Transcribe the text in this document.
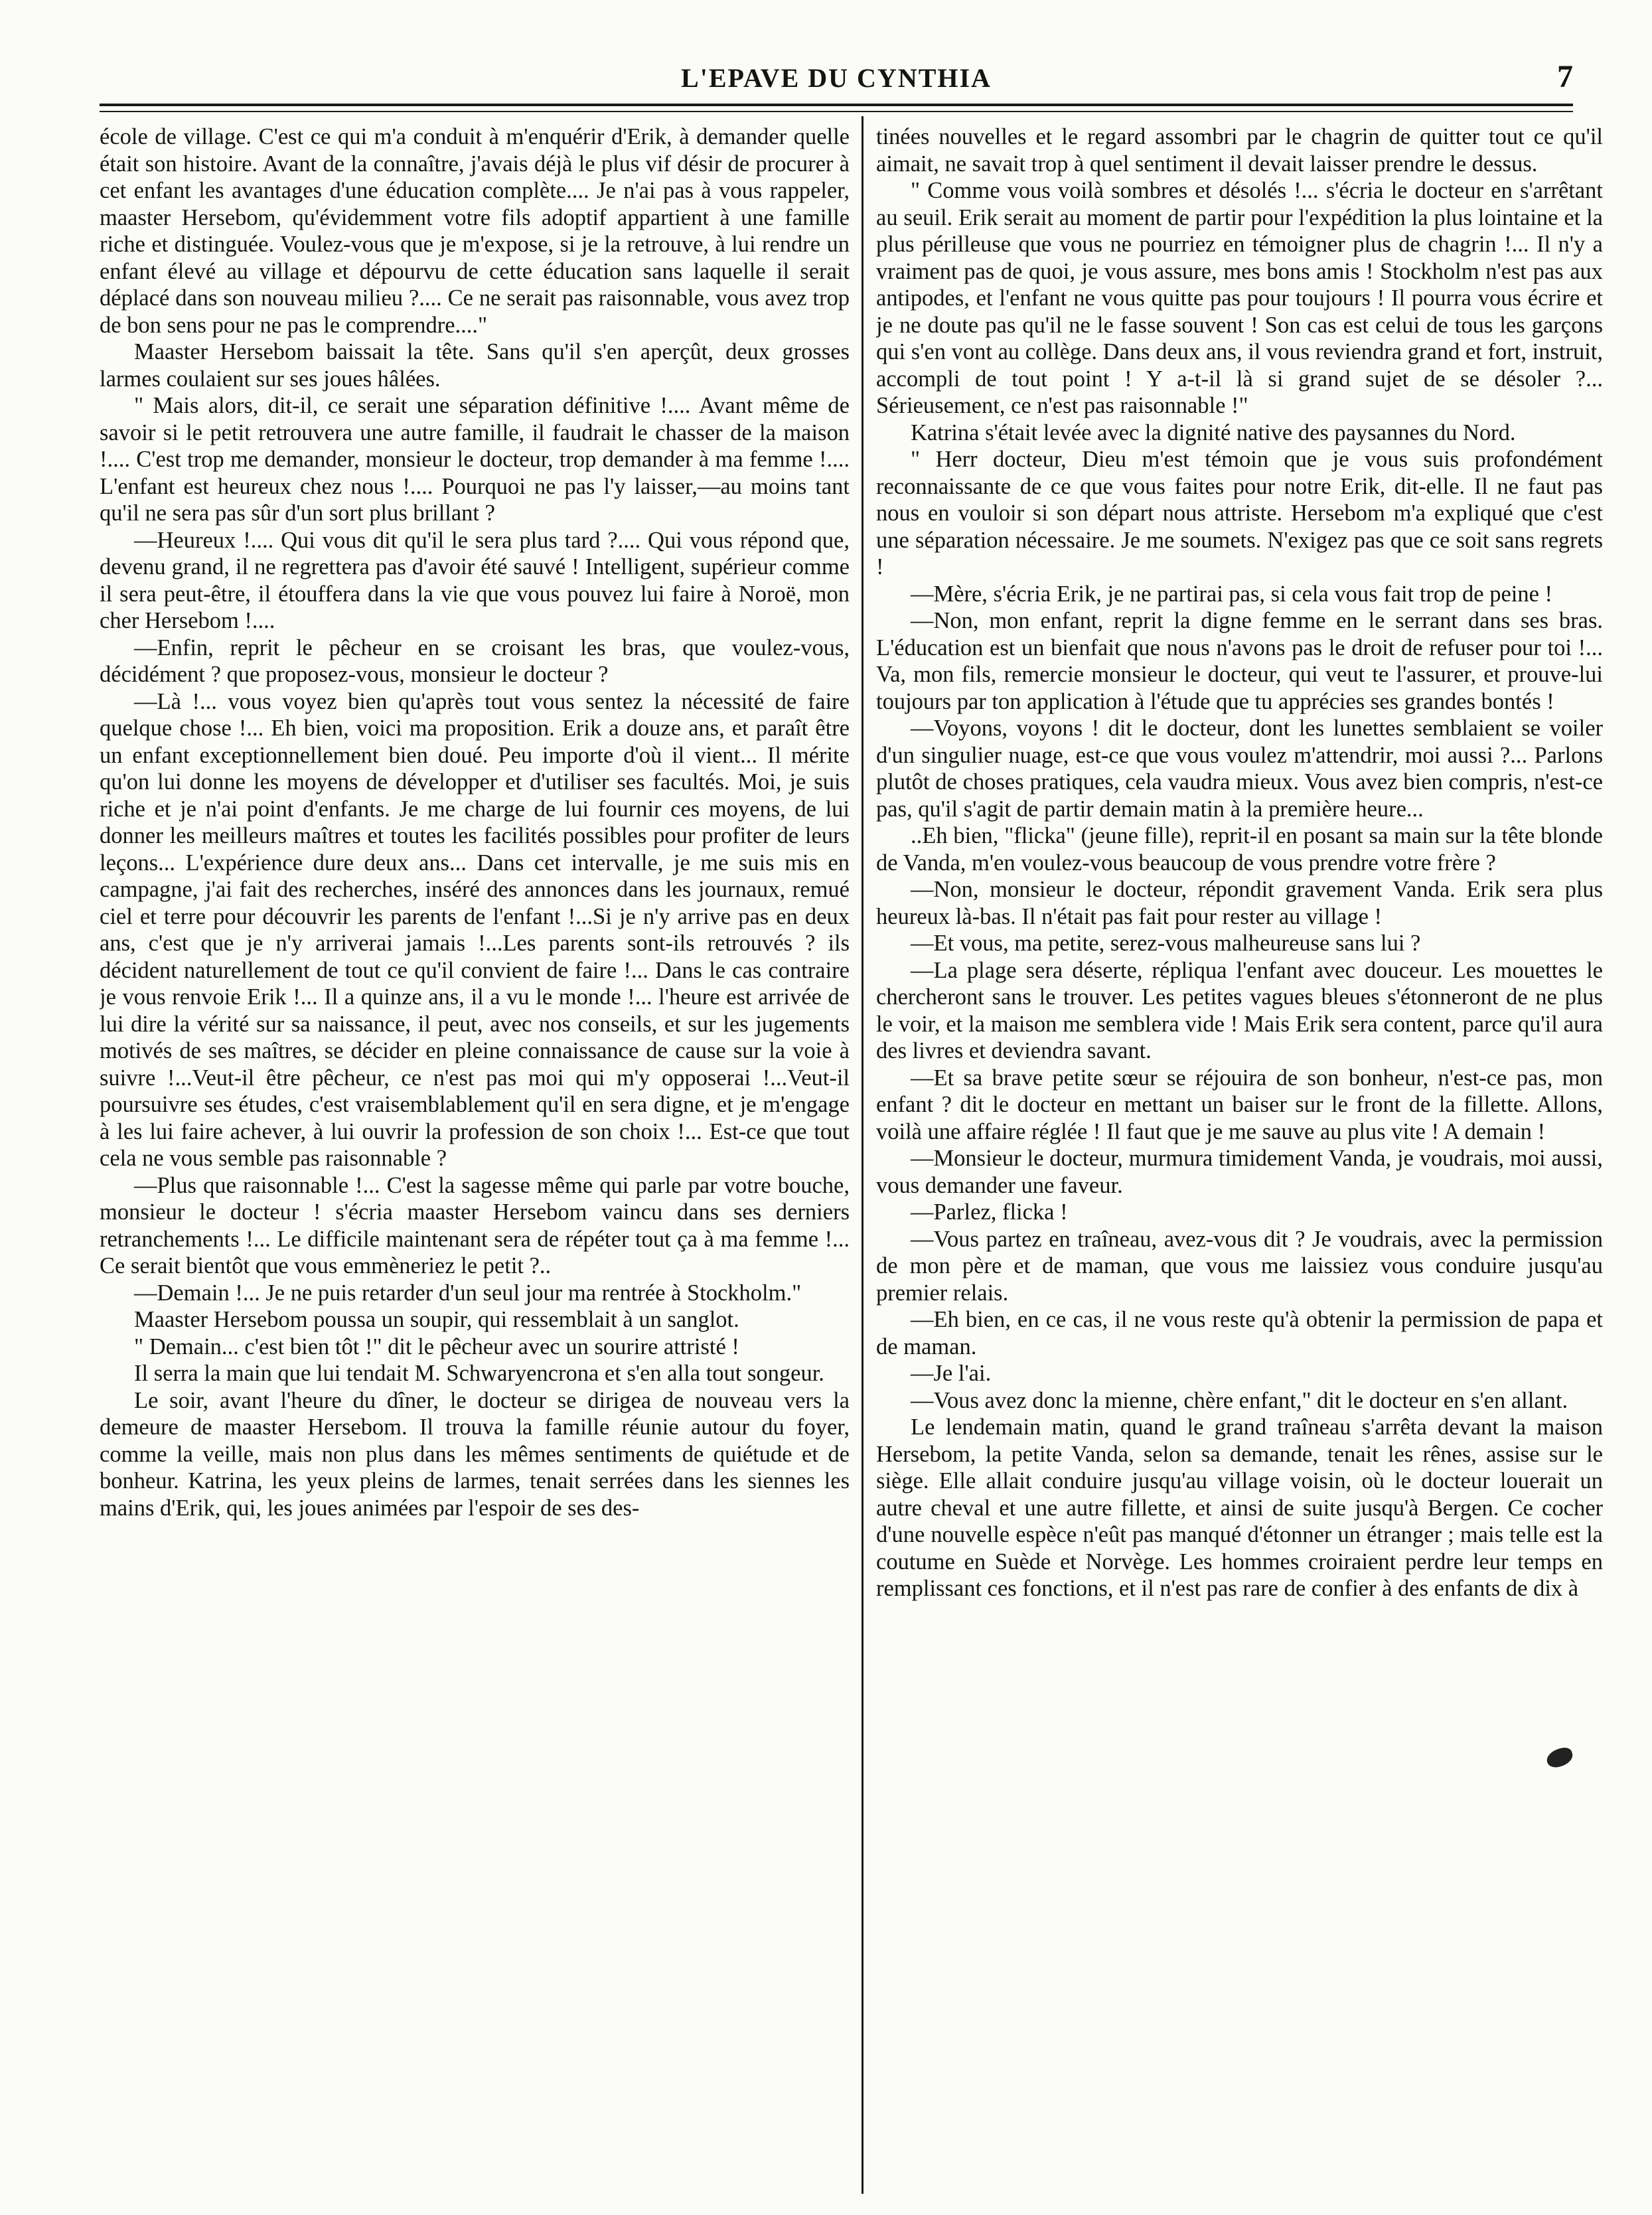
L'EPAVE DU CYNTHIA	7

école de village. C'est ce qui m'a conduit à m'enquérir d'Erik, à demander quelle était son histoire. Avant de la connaître, j'avais déjà le plus vif désir de procurer à cet enfant les avantages d'une éducation complète.... Je n'ai pas à vous rappeler, maaster Hersebom, qu'évidemment votre fils adoptif appartient à une famille riche et distinguée. Voulez-vous que je m'expose, si je la retrouve, à lui rendre un enfant élevé au village et dépourvu de cette éducation sans laquelle il serait déplacé dans son nouveau milieu ?.... Ce ne serait pas raisonnable, vous avez trop de bon sens pour ne pas le comprendre...."

Maaster Hersebom baissait la tête. Sans qu'il s'en aperçût, deux grosses larmes coulaient sur ses joues hâlées.

" Mais alors, dit-il, ce serait une séparation définitive !.... Avant même de savoir si le petit retrouvera une autre famille, il faudrait le chasser de la maison !.... C'est trop me demander, monsieur le docteur, trop demander à ma femme !.... L'enfant est heureux chez nous !.... Pourquoi ne pas l'y laisser,—au moins tant qu'il ne sera pas sûr d'un sort plus brillant ?

—Heureux !.... Qui vous dit qu'il le sera plus tard ?.... Qui vous répond que, devenu grand, il ne regrettera pas d'avoir été sauvé ! Intelligent, supérieur comme il sera peut-être, il étouffera dans la vie que vous pouvez lui faire à Noroë, mon cher Hersebom !....

—Enfin, reprit le pêcheur en se croisant les bras, que voulez-vous, décidément ? que proposez-vous, monsieur le docteur ?

—Là !... vous voyez bien qu'après tout vous sentez la nécessité de faire quelque chose !... Eh bien, voici ma proposition. Erik a douze ans, et paraît être un enfant exceptionnellement bien doué. Peu importe d'où il vient... Il mérite qu'on lui donne les moyens de développer et d'utiliser ses facultés. Moi, je suis riche et je n'ai point d'enfants. Je me charge de lui fournir ces moyens, de lui donner les meilleurs maîtres et toutes les facilités possibles pour profiter de leurs leçons... L'expérience dure deux ans... Dans cet intervalle, je me suis mis en campagne, j'ai fait des recherches, inséré des annonces dans les journaux, remué ciel et terre pour découvrir les parents de l'enfant !...Si je n'y arrive pas en deux ans, c'est que je n'y arriverai jamais !...Les parents sont-ils retrouvés ? ils décident naturellement de tout ce qu'il convient de faire !... Dans le cas contraire je vous renvoie Erik !... Il a quinze ans, il a vu le monde !... l'heure est arrivée de lui dire la vérité sur sa naissance, il peut, avec nos conseils, et sur les jugements motivés de ses maîtres, se décider en pleine connaissance de cause sur la voie à suivre !...Veut-il être pêcheur, ce n'est pas moi qui m'y opposerai !...Veut-il poursuivre ses études, c'est vraisemblablement qu'il en sera digne, et je m'engage à les lui faire achever, à lui ouvrir la profession de son choix !... Est-ce que tout cela ne vous semble pas raisonnable ?

—Plus que raisonnable !... C'est la sagesse même qui parle par votre bouche, monsieur le docteur ! s'écria maaster Hersebom vaincu dans ses derniers retranchements !... Le difficile maintenant sera de répéter tout ça à ma femme !... Ce serait bientôt que vous emmèneriez le petit ?..

—Demain !... Je ne puis retarder d'un seul jour ma rentrée à Stockholm."

Maaster Hersebom poussa un soupir, qui ressemblait à un sanglot.

" Demain... c'est bien tôt !" dit le pêcheur avec un sourire attristé !

Il serra la main que lui tendait M. Schwaryencrona et s'en alla tout songeur.

Le soir, avant l'heure du dîner, le docteur se dirigea de nouveau vers la demeure de maaster Hersebom. Il trouva la famille réunie autour du foyer, comme la veille, mais non plus dans les mêmes sentiments de quiétude et de bonheur. Katrina, les yeux pleins de larmes, tenait serrées dans les siennes les mains d'Erik, qui, les joues animées par l'espoir de ses des-

tinées nouvelles et le regard assombri par le chagrin de quitter tout ce qu'il aimait, ne savait trop à quel sentiment il devait laisser prendre le dessus.

" Comme vous voilà sombres et désolés !... s'écria le docteur en s'arrêtant au seuil. Erik serait au moment de partir pour l'expédition la plus lointaine et la plus périlleuse que vous ne pourriez en témoigner plus de chagrin !... Il n'y a vraiment pas de quoi, je vous assure, mes bons amis ! Stockholm n'est pas aux antipodes, et l'enfant ne vous quitte pas pour toujours ! Il pourra vous écrire et je ne doute pas qu'il ne le fasse souvent ! Son cas est celui de tous les garçons qui s'en vont au collège. Dans deux ans, il vous reviendra grand et fort, instruit, accompli de tout point ! Y a-t-il là si grand sujet de se désoler ?... Sérieusement, ce n'est pas raisonnable !"

Katrina s'était levée avec la dignité native des paysannes du Nord.

" Herr docteur, Dieu m'est témoin que je vous suis profondément reconnaissante de ce que vous faites pour notre Erik, dit-elle. Il ne faut pas nous en vouloir si son départ nous attriste. Hersebom m'a expliqué que c'est une séparation nécessaire. Je me soumets. N'exigez pas que ce soit sans regrets !

—Mère, s'écria Erik, je ne partirai pas, si cela vous fait trop de peine !

—Non, mon enfant, reprit la digne femme en le serrant dans ses bras. L'éducation est un bienfait que nous n'avons pas le droit de refuser pour toi !... Va, mon fils, remercie monsieur le docteur, qui veut te l'assurer, et prouve-lui toujours par ton application à l'étude que tu apprécies ses grandes bontés !

—Voyons, voyons ! dit le docteur, dont les lunettes semblaient se voiler d'un singulier nuage, est-ce que vous voulez m'attendrir, moi aussi ?... Parlons plutôt de choses pratiques, cela vaudra mieux. Vous avez bien compris, n'est-ce pas, qu'il s'agit de partir demain matin à la première heure...

..Eh bien, "flicka" (jeune fille), reprit-il en posant sa main sur la tête blonde de Vanda, m'en voulez-vous beaucoup de vous prendre votre frère ?

—Non, monsieur le docteur, répondit gravement Vanda. Erik sera plus heureux là-bas. Il n'était pas fait pour rester au village !

—Et vous, ma petite, serez-vous malheureuse sans lui ?

—La plage sera déserte, répliqua l'enfant avec douceur. Les mouettes le chercheront sans le trouver. Les petites vagues bleues s'étonneront de ne plus le voir, et la maison me semblera vide ! Mais Erik sera content, parce qu'il aura des livres et deviendra savant.

—Et sa brave petite sœur se réjouira de son bonheur, n'est-ce pas, mon enfant ? dit le docteur en mettant un baiser sur le front de la fillette. Allons, voilà une affaire réglée ! Il faut que je me sauve au plus vite ! A demain !

—Monsieur le docteur, murmura timidement Vanda, je voudrais, moi aussi, vous demander une faveur.

—Parlez, flicka !

—Vous partez en traîneau, avez-vous dit ? Je voudrais, avec la permission de mon père et de maman, que vous me laissiez vous conduire jusqu'au premier relais.

—Eh bien, en ce cas, il ne vous reste qu'à obtenir la permission de papa et de maman.

—Je l'ai.

—Vous avez donc la mienne, chère enfant," dit le docteur en s'en allant.

Le lendemain matin, quand le grand traîneau s'arrêta devant la maison Hersebom, la petite Vanda, selon sa demande, tenait les rênes, assise sur le siège. Elle allait conduire jusqu'au village voisin, où le docteur louerait un autre cheval et une autre fillette, et ainsi de suite jusqu'à Bergen. Ce cocher d'une nouvelle espèce n'eût pas manqué d'étonner un étranger ; mais telle est la coutume en Suède et Norvège. Les hommes croiraient perdre leur temps en remplissant ces fonctions, et il n'est pas rare de confier à des enfants de dix à
